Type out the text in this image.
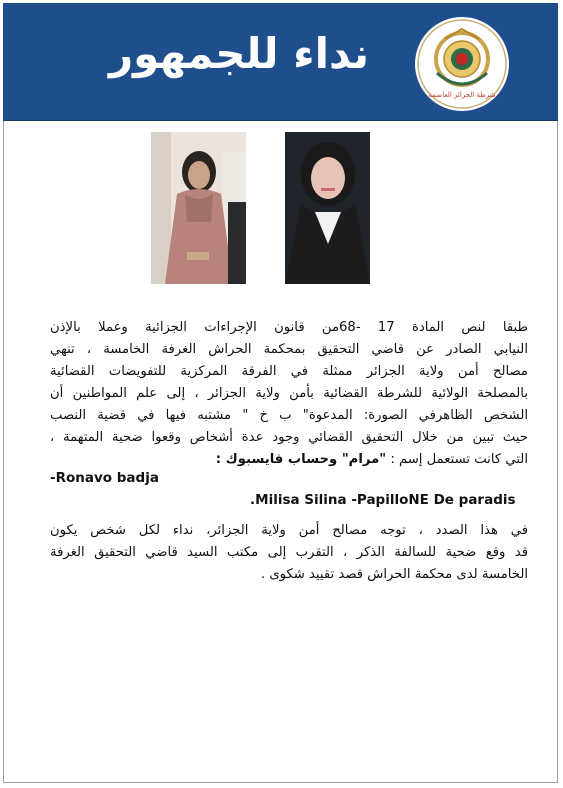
نداء للجمهور
شرطة الجزائر العاصمة
طبقا لنص المادة 17 -68من قانون الإجراءات الجزائية وعملا بالإذن
النيابي الصادر عن قاضي التحقيق بمحكمة الحراش الغرفة الخامسة ، تنهي
مصالح أمن ولاية الجزائر ممثلة في الفرقة المركزية للتفويضات القضائية
بالمصلحة الولائية للشرطة القضائية بأمن ولاية الجزائر ، إلى علم المواطنين أن
الشخص الظاهرفي الصورة: المدعوة" ب خ " مشتبه فيها في قضية النصب
حيث تبين من خلال التحقيق القضائي وجود عدة أشخاص وقعوا ضحية المتهمة ،
التي كانت تستعمل إسم : "مرام" وحساب فايسبوك :
-Ronavo badja
.Milisa Silina -PapilloNE De paradis
في هذا الصدد ، توجه مصالح أمن ولاية الجزائر، نداء لكل شخص يكون
قد وقع ضحية للسالفة الذكر ، التقرب إلى مكتب السيد قاضي التحقيق الغرفة
الخامسة لدى محكمة الحراش قصد تقييد شكوى .
